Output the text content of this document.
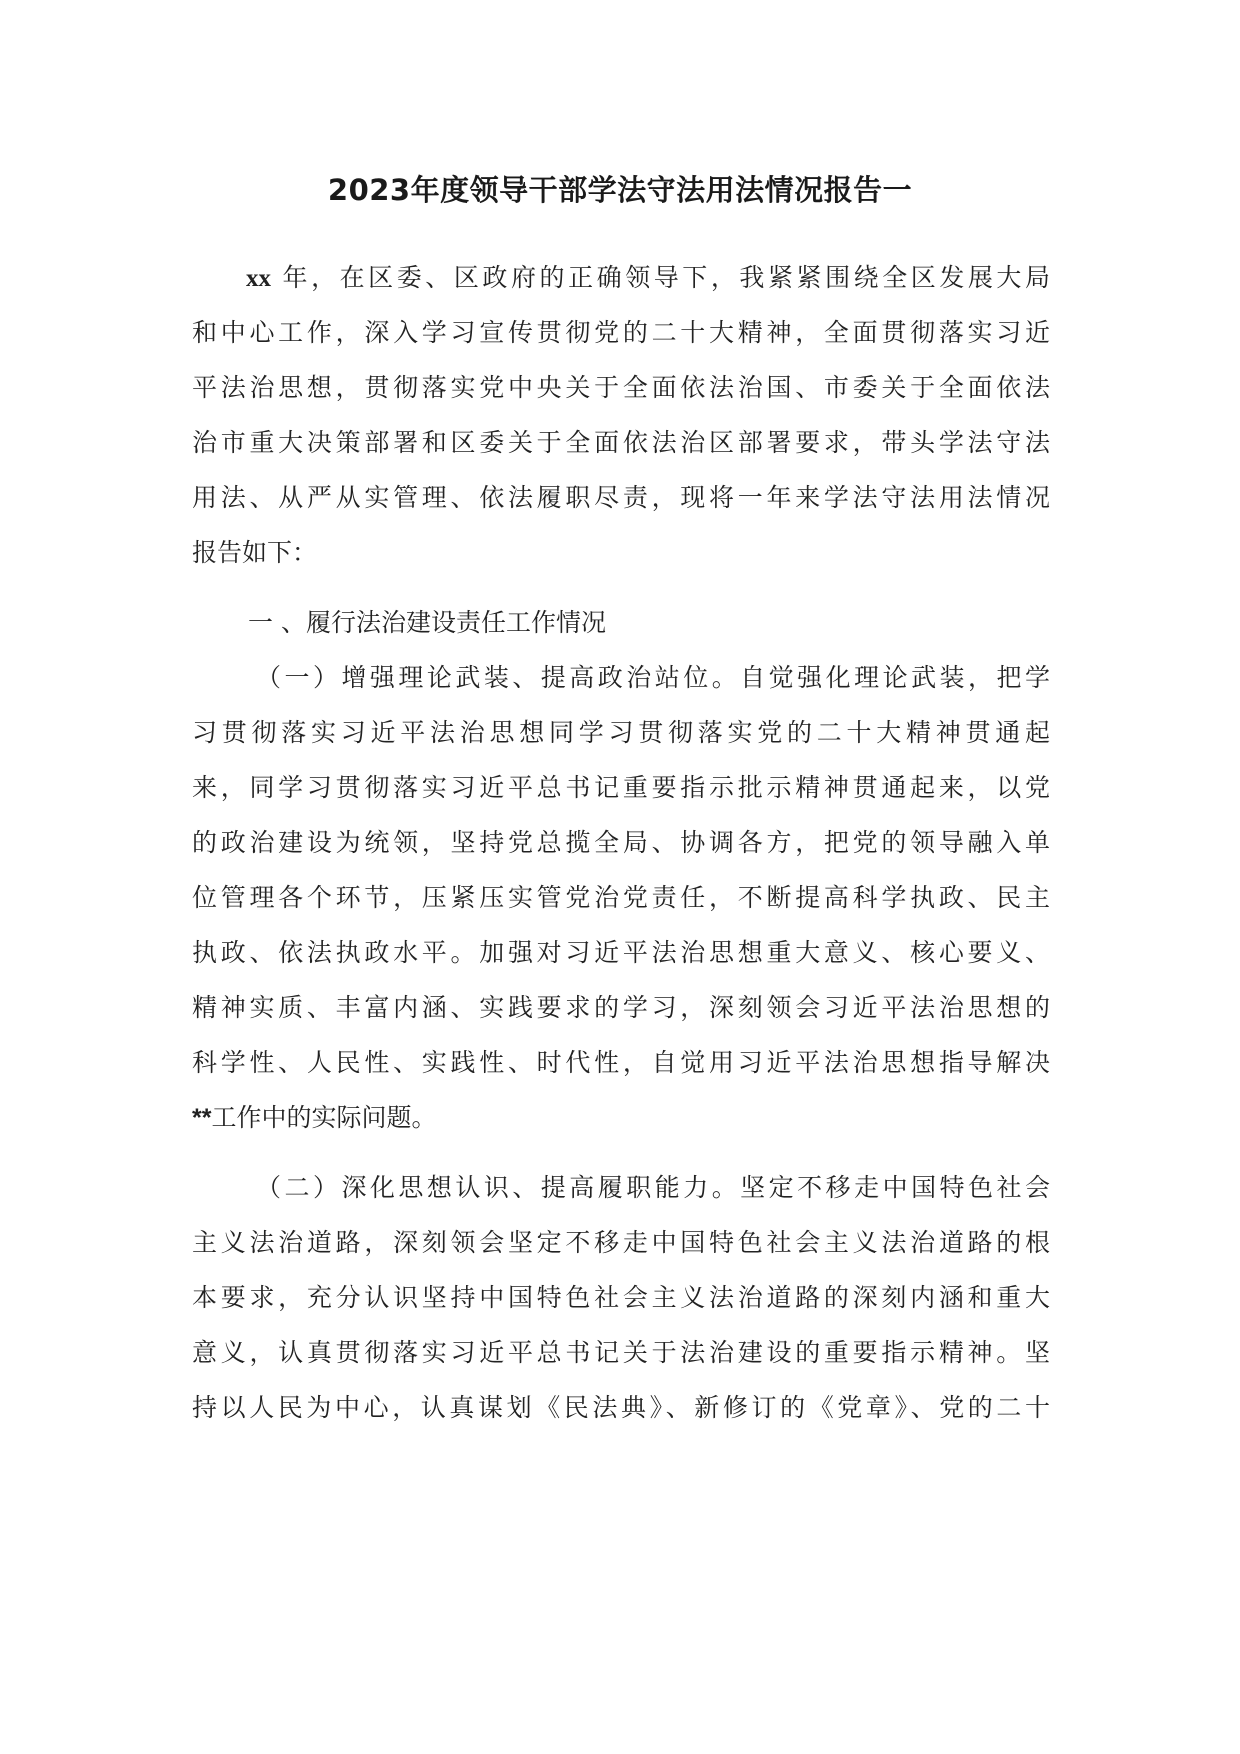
2023年度领导干部学法守法用法情况报告一
xx 年，在区委、区政府的正确领导下，我紧紧围绕全区发展大局
和中心工作，深入学习宣传贯彻党的二十大精神，全面贯彻落实习近
平法治思想，贯彻落实党中央关于全面依法治国、市委关于全面依法
治市重大决策部署和区委关于全面依法治区部署要求，带头学法守法
用法、从严从实管理、依法履职尽责，现将一年来学法守法用法情况
报告如下：
一 、履行法治建设责任工作情况
（一）增强理论武装、提高政治站位。自觉强化理论武装，把学
习贯彻落实习近平法治思想同学习贯彻落实党的二十大精神贯通起
来，同学习贯彻落实习近平总书记重要指示批示精神贯通起来，以党
的政治建设为统领，坚持党总揽全局、协调各方，把党的领导融入单
位管理各个环节，压紧压实管党治党责任，不断提高科学执政、民主
执政、依法执政水平。加强对习近平法治思想重大意义、核心要义、
精神实质、丰富内涵、实践要求的学习，深刻领会习近平法治思想的
科学性、人民性、实践性、时代性，自觉用习近平法治思想指导解决
**工作中的实际问题。
（二）深化思想认识、提高履职能力。坚定不移走中国特色社会
主义法治道路，深刻领会坚定不移走中国特色社会主义法治道路的根
本要求，充分认识坚持中国特色社会主义法治道路的深刻内涵和重大
意义，认真贯彻落实习近平总书记关于法治建设的重要指示精神。坚
持以人民为中心，认真谋划《民法典》、新修订的《党章》、党的二十
